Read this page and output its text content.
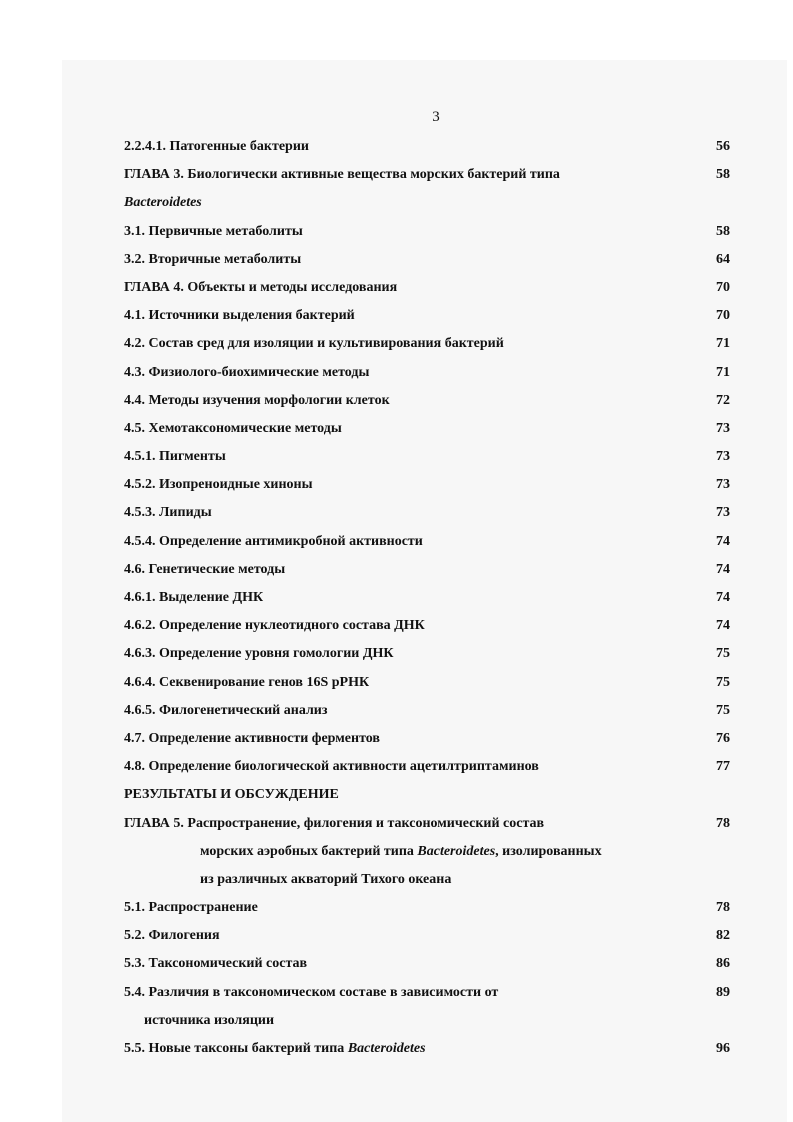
3
2.2.4.1. Патогенные бактерии	56
ГЛАВА 3. Биологически активные вещества морских бактерий типа	58
Bacteroidetes
3.1. Первичные метаболиты	58
3.2. Вторичные метаболиты	64
ГЛАВА 4. Объекты и методы исследования	70
4.1. Источники выделения бактерий	70
4.2. Состав сред для изоляции и культивирования бактерий	71
4.3. Физиолого-биохимические методы	71
4.4. Методы изучения морфологии клеток	72
4.5. Хемотаксономические методы	73
4.5.1. Пигменты	73
4.5.2. Изопреноидные хиноны	73
4.5.3. Липиды	73
4.5.4. Определение антимикробной активности	74
4.6. Генетические методы	74
4.6.1. Выделение ДНК	74
4.6.2. Определение нуклеотидного состава ДНК	74
4.6.3. Определение уровня гомологии ДНК	75
4.6.4. Секвенирование генов 16S рРНК	75
4.6.5. Филогенетический анализ	75
4.7. Определение активности ферментов	76
4.8. Определение биологической активности ацетилтриптаминов	77
РЕЗУЛЬТАТЫ И ОБСУЖДЕНИЕ
ГЛАВА 5. Распространение, филогения и таксономический состав	78
морских аэробных бактерий типа Bacteroidetes, изолированных
из различных акваторий Тихого океана
5.1. Распространение	78
5.2. Филогения	82
5.3. Таксономический состав	86
5.4. Различия в таксономическом составе в зависимости от	89
источника изоляции
5.5. Новые таксоны бактерий типа Bacteroidetes	96
